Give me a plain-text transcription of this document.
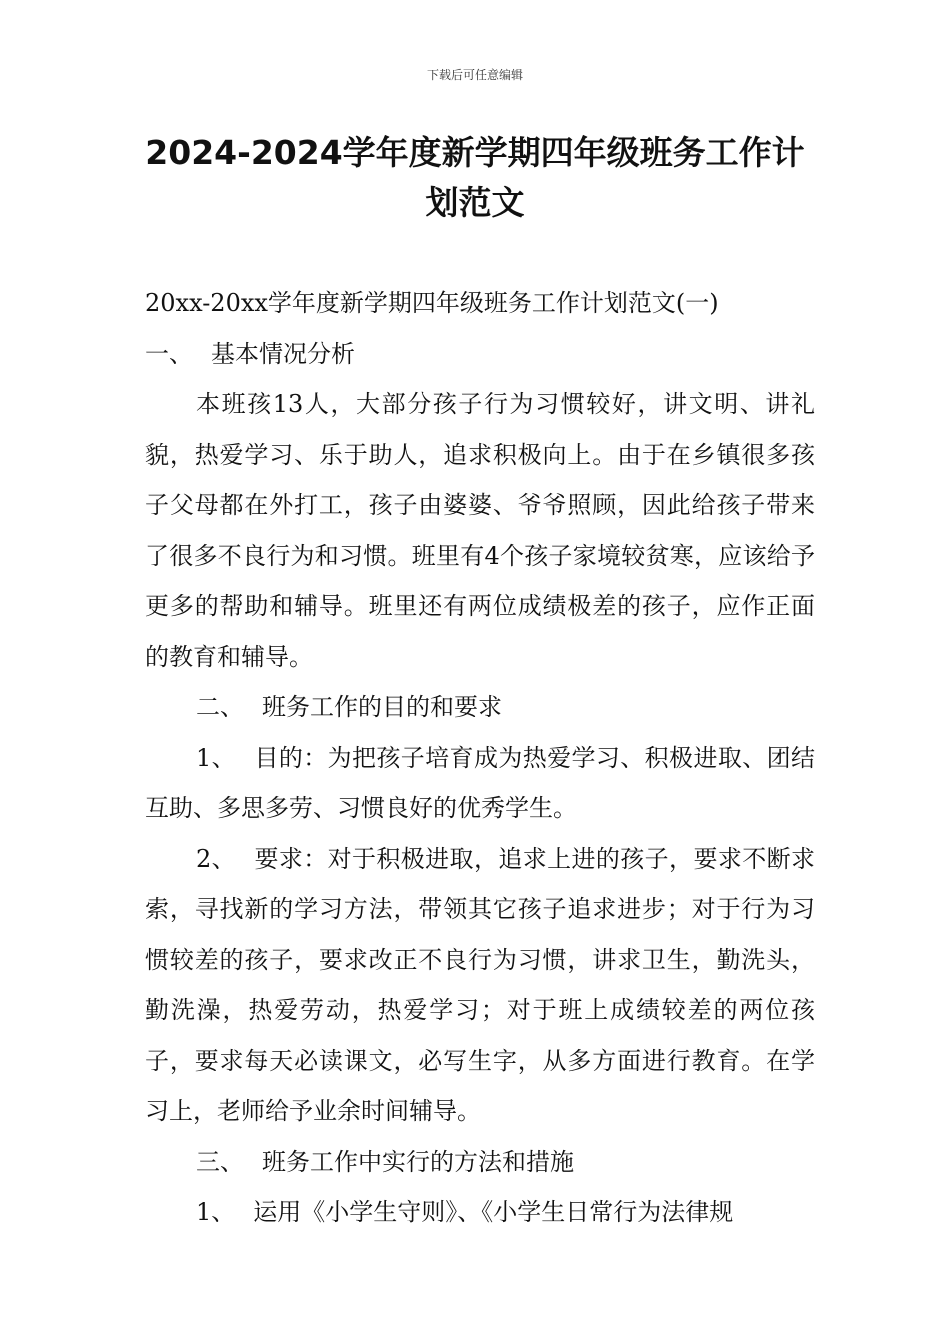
下载后可任意编辑
2024-2024学年度新学期四年级班务工作计
划范文

20xx-20xx学年度新学期四年级班务工作计划范文(一)

一、 基本情况分析

本班孩13人，大部分孩子行为习惯较好，讲文明、讲礼貌，热爱学习、乐于助人，追求积极向上。由于在乡镇很多孩子父母都在外打工，孩子由婆婆、爷爷照顾，因此给孩子带来了很多不良行为和习惯。班里有4个孩子家境较贫寒，应该给予更多的帮助和辅导。班里还有两位成绩极差的孩子，应作正面的教育和辅导。

二、 班务工作的目的和要求

1、 目的：为把孩子培育成为热爱学习、积极进取、团结互助、多思多劳、习惯良好的优秀学生。

2、 要求：对于积极进取，追求上进的孩子，要求不断求索，寻找新的学习方法，带领其它孩子追求进步；对于行为习惯较差的孩子，要求改正不良行为习惯，讲求卫生，勤洗头，勤洗澡，热爱劳动，热爱学习；对于班上成绩较差的两位孩子，要求每天必读课文，必写生字，从多方面进行教育。在学习上，老师给予业余时间辅导。

三、 班务工作中实行的方法和措施

1、 运用《小学生守则》、《小学生日常行为法律规
